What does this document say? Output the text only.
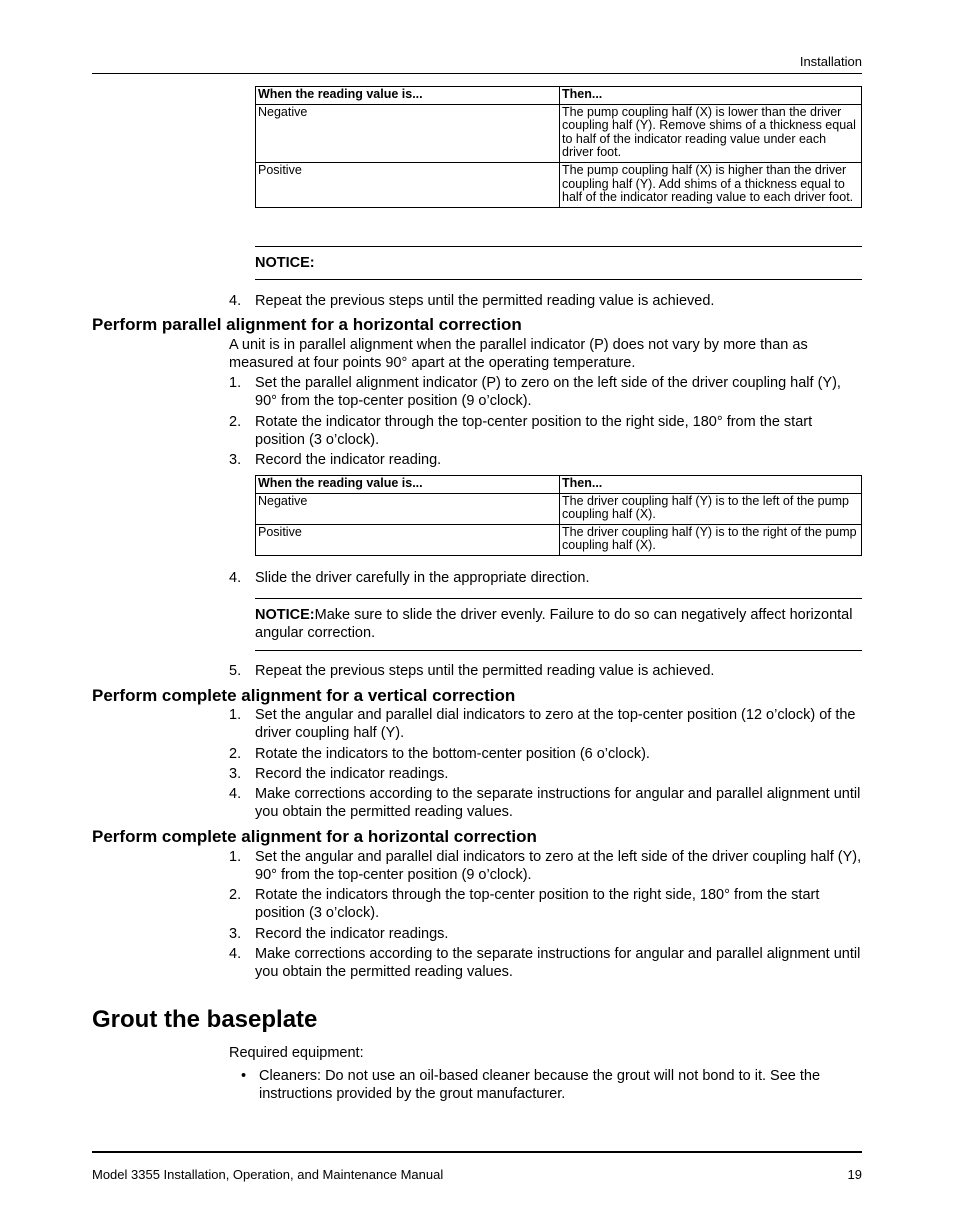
Installation
When the reading value is...	Then...
Negative	The pump coupling half (X) is lower than the driver coupling half (Y). Remove shims of a thickness equal to half of the indicator reading value under each driver foot.
Positive	The pump coupling half (X) is higher than the driver coupling half (Y). Add shims of a thickness equal to half of the indicator reading value to each driver foot.
NOTICE:
4. Repeat the previous steps until the permitted reading value is achieved.
Perform parallel alignment for a horizontal correction
A unit is in parallel alignment when the parallel indicator (P) does not vary by more than as measured at four points 90° apart at the operating temperature.
1. Set the parallel alignment indicator (P) to zero on the left side of the driver coupling half (Y), 90° from the top-center position (9 o’clock).
2. Rotate the indicator through the top-center position to the right side, 180° from the start position (3 o’clock).
3. Record the indicator reading.
When the reading value is...	Then...
Negative	The driver coupling half (Y) is to the left of the pump coupling half (X).
Positive	The driver coupling half (Y) is to the right of the pump coupling half (X).
4. Slide the driver carefully in the appropriate direction.
NOTICE:Make sure to slide the driver evenly. Failure to do so can negatively affect horizontal angular correction.
5. Repeat the previous steps until the permitted reading value is achieved.
Perform complete alignment for a vertical correction
1. Set the angular and parallel dial indicators to zero at the top-center position (12 o’clock) of the driver coupling half (Y).
2. Rotate the indicators to the bottom-center position (6 o’clock).
3. Record the indicator readings.
4. Make corrections according to the separate instructions for angular and parallel alignment until you obtain the permitted reading values.
Perform complete alignment for a horizontal correction
1. Set the angular and parallel dial indicators to zero at the left side of the driver coupling half (Y), 90° from the top-center position (9 o’clock).
2. Rotate the indicators through the top-center position to the right side, 180° from the start position (3 o’clock).
3. Record the indicator readings.
4. Make corrections according to the separate instructions for angular and parallel alignment until you obtain the permitted reading values.
Grout the baseplate
Required equipment:
• Cleaners: Do not use an oil-based cleaner because the grout will not bond to it. See the instructions provided by the grout manufacturer.
Model 3355 Installation, Operation, and Maintenance Manual	19
